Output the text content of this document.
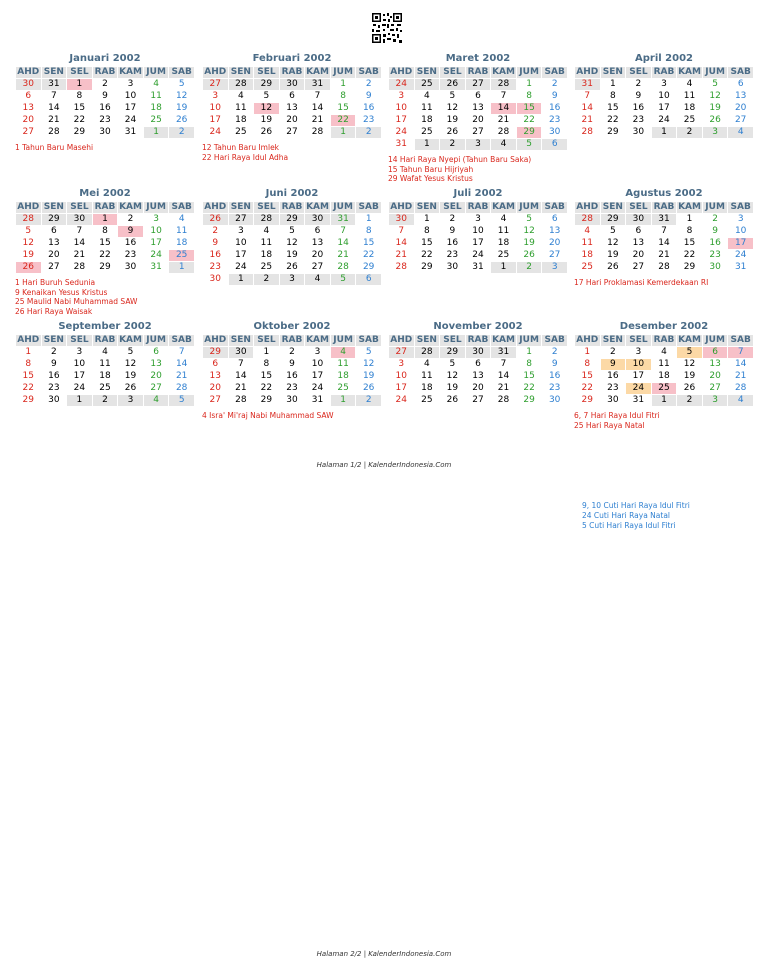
Januari 2002
AHD	SEN	SEL	RAB	KAM	JUM	SAB
30	31	1	2	3	4	5
6	7	8	9	10	11	12
13	14	15	16	17	18	19
20	21	22	23	24	25	26
27	28	29	30	31	1	2
1 Tahun Baru Masehi
Februari 2002
AHD	SEN	SEL	RAB	KAM	JUM	SAB
27	28	29	30	31	1	2
3	4	5	6	7	8	9
10	11	12	13	14	15	16
17	18	19	20	21	22	23
24	25	26	27	28	1	2
12 Tahun Baru Imlek
22 Hari Raya Idul Adha
Maret 2002
AHD	SEN	SEL	RAB	KAM	JUM	SAB
24	25	26	27	28	1	2
3	4	5	6	7	8	9
10	11	12	13	14	15	16
17	18	19	20	21	22	23
24	25	26	27	28	29	30
31	1	2	3	4	5	6
14 Hari Raya Nyepi (Tahun Baru Saka)
15 Tahun Baru Hijriyah
29 Wafat Yesus Kristus
April 2002
AHD	SEN	SEL	RAB	KAM	JUM	SAB
31	1	2	3	4	5	6
7	8	9	10	11	12	13
14	15	16	17	18	19	20
21	22	23	24	25	26	27
28	29	30	1	2	3	4
Mei 2002
AHD	SEN	SEL	RAB	KAM	JUM	SAB
28	29	30	1	2	3	4
5	6	7	8	9	10	11
12	13	14	15	16	17	18
19	20	21	22	23	24	25
26	27	28	29	30	31	1
1 Hari Buruh Sedunia
9 Kenaikan Yesus Kristus
25 Maulid Nabi Muhammad SAW
26 Hari Raya Waisak
Juni 2002
AHD	SEN	SEL	RAB	KAM	JUM	SAB
26	27	28	29	30	31	1
2	3	4	5	6	7	8
9	10	11	12	13	14	15
16	17	18	19	20	21	22
23	24	25	26	27	28	29
30	1	2	3	4	5	6
Juli 2002
AHD	SEN	SEL	RAB	KAM	JUM	SAB
30	1	2	3	4	5	6
7	8	9	10	11	12	13
14	15	16	17	18	19	20
21	22	23	24	25	26	27
28	29	30	31	1	2	3
Agustus 2002
AHD	SEN	SEL	RAB	KAM	JUM	SAB
28	29	30	31	1	2	3
4	5	6	7	8	9	10
11	12	13	14	15	16	17
18	19	20	21	22	23	24
25	26	27	28	29	30	31
17 Hari Proklamasi Kemerdekaan RI
September 2002
AHD	SEN	SEL	RAB	KAM	JUM	SAB
1	2	3	4	5	6	7
8	9	10	11	12	13	14
15	16	17	18	19	20	21
22	23	24	25	26	27	28
29	30	1	2	3	4	5
Oktober 2002
AHD	SEN	SEL	RAB	KAM	JUM	SAB
29	30	1	2	3	4	5
6	7	8	9	10	11	12
13	14	15	16	17	18	19
20	21	22	23	24	25	26
27	28	29	30	31	1	2
4 Isra' Mi'raj Nabi Muhammad SAW
November 2002
AHD	SEN	SEL	RAB	KAM	JUM	SAB
27	28	29	30	31	1	2
3	4	5	6	7	8	9
10	11	12	13	14	15	16
17	18	19	20	21	22	23
24	25	26	27	28	29	30
Desember 2002
AHD	SEN	SEL	RAB	KAM	JUM	SAB
1	2	3	4	5	6	7
8	9	10	11	12	13	14
15	16	17	18	19	20	21
22	23	24	25	26	27	28
29	30	31	1	2	3	4
6, 7 Hari Raya Idul Fitri
25 Hari Raya Natal
Halaman 1/2 | KalenderIndonesia.Com
9, 10 Cuti Hari Raya Idul Fitri
24 Cuti Hari Raya Natal
5 Cuti Hari Raya Idul Fitri
Halaman 2/2 | KalenderIndonesia.Com
